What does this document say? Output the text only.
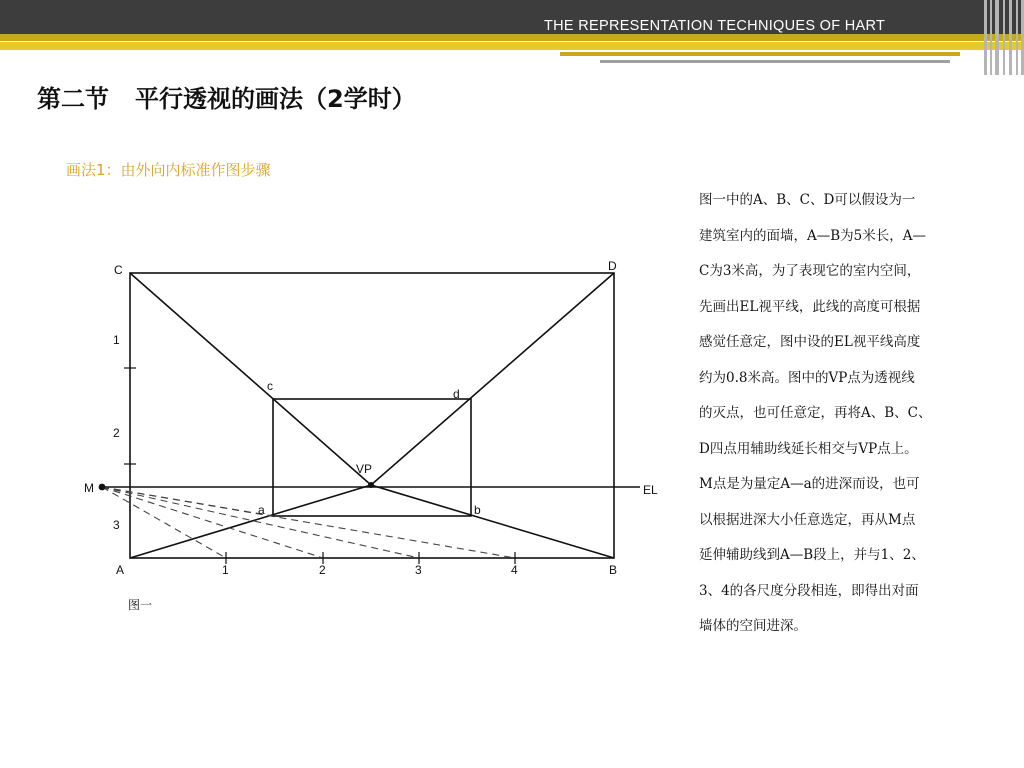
THE REPRESENTATION TECHNIQUES OF HART
第二节 平行透视的画法（2学时）
画法1：由外向内标准作图步骤
C	D
A	B
c
d
a	b
VP
EL
M
1
2
3
1	2	3	4
图一
图一中的A、B、C、D可以假设为一
建筑室内的面墙，A—B为5米长，A—
C为3米高，为了表现它的室内空间，
先画出EL视平线，此线的高度可根据
感觉任意定，图中设的EL视平线高度
约为0.8米高。图中的VP点为透视线
的灭点，也可任意定，再将A、B、C、
D四点用辅助线延长相交与VP点上。
M点是为量定A—a的进深而设，也可
以根据进深大小任意选定，再从M点
延伸辅助线到A—B段上，并与1、2、
3、4的各尺度分段相连，即得出对面
墙体的空间进深。
